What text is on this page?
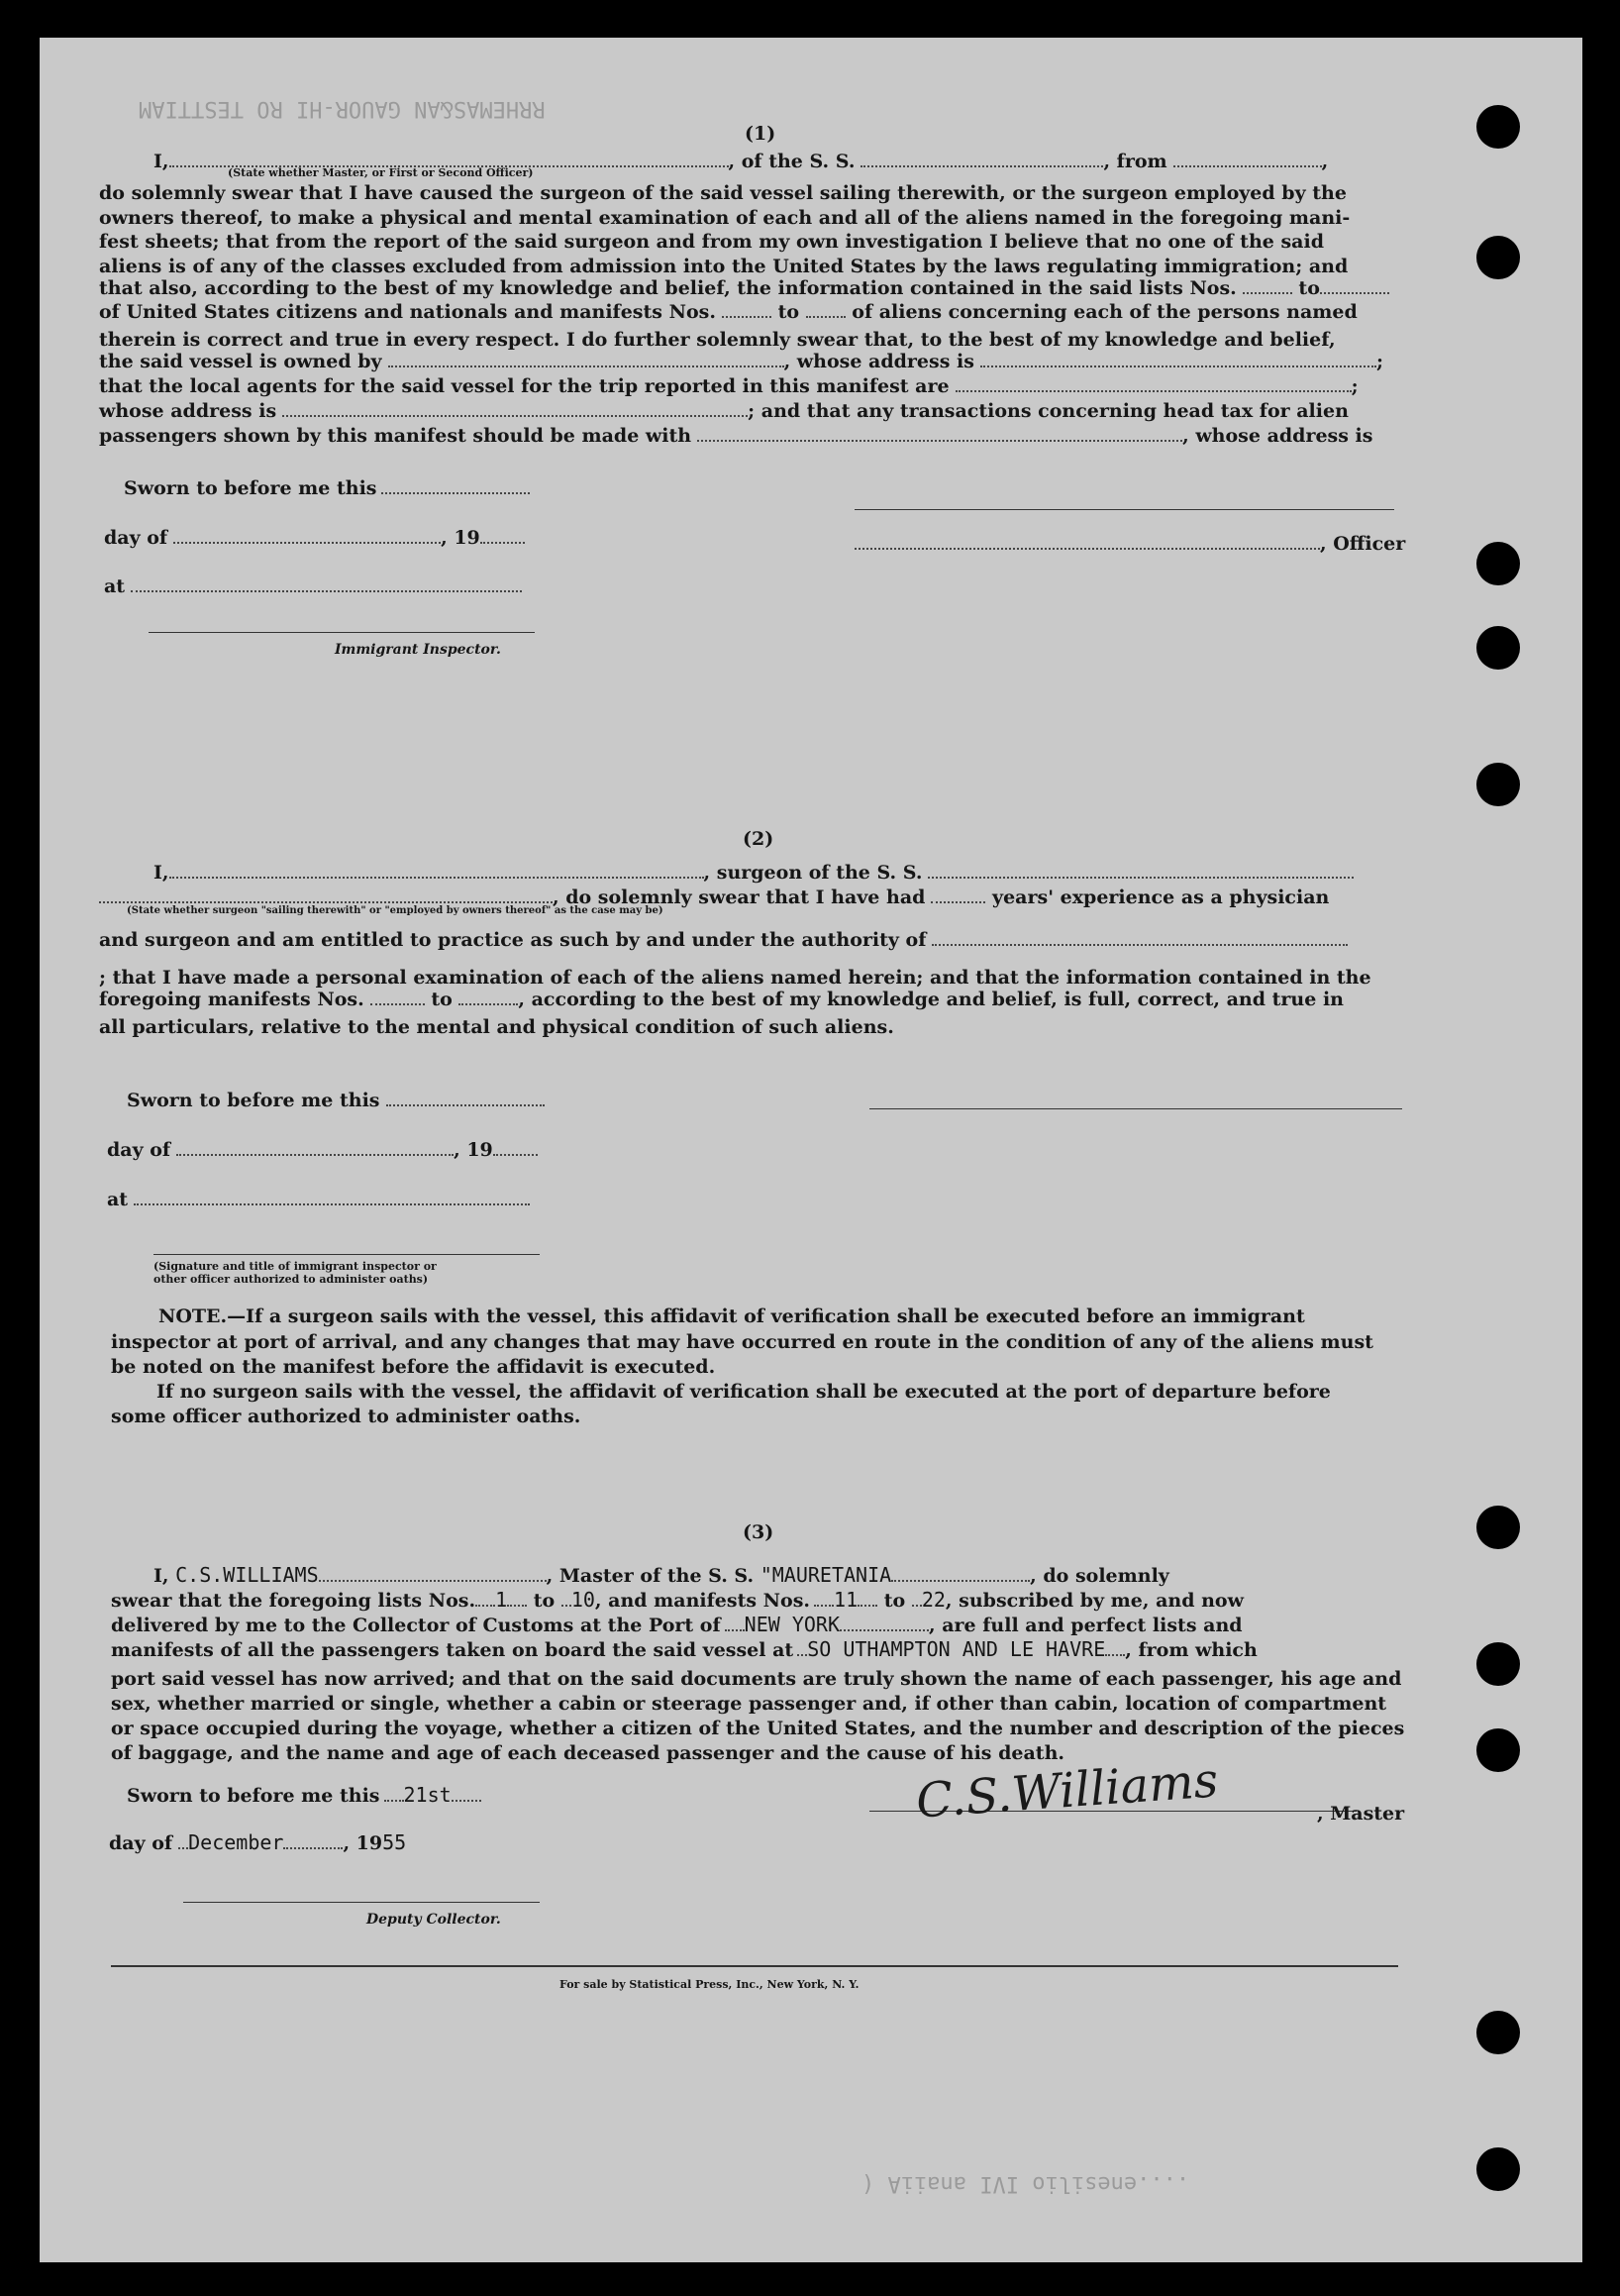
RRHEMAS&AN GAUOR-HI RO TESTTIAM
(1)
I,	, of the S. S.	, from	,
(State whether Master, or First or Second Officer)
do solemnly swear that I have caused the surgeon of the said vessel sailing therewith, or the surgeon employed by the
owners thereof, to make a physical and mental examination of each and all of the aliens named in the foregoing mani-
fest sheets; that from the report of the said surgeon and from my own investigation I believe that no one of the said
aliens is of any of the classes excluded from admission into the United States by the laws regulating immigration; and
that also, according to the best of my knowledge and belief, the information contained in the said lists Nos.	to
of United States citizens and nationals and manifests Nos.	to	of aliens concerning each of the persons named
therein is correct and true in every respect. I do further solemnly swear that, to the best of my knowledge and belief,
the said vessel is owned by	, whose address is	;
that the local agents for the said vessel for the trip reported in this manifest are	;
whose address is	; and that any transactions concerning head tax for alien
passengers shown by this manifest should be made with	, whose address is
Sworn to before me this
day of	, 19
at
Immigrant Inspector.
, Officer
(2)
I,	, surgeon of the S. S.
, do solemnly swear that I have had	years' experience as a physician
(State whether surgeon "sailing therewith" or "employed by owners thereof" as the case may be)
and surgeon and am entitled to practice as such by and under the authority of
; that I have made a personal examination of each of the aliens named herein; and that the information contained in the
foregoing manifests Nos.	to	, according to the best of my knowledge and belief, is full, correct, and true in
all particulars, relative to the mental and physical condition of such aliens.
Sworn to before me this
day of	, 19
at
(Signature and title of immigrant inspector or
other officer authorized to administer oaths)
NOTE.—If a surgeon sails with the vessel, this affidavit of verification shall be executed before an immigrant
inspector at port of arrival, and any changes that may have occurred en route in the condition of any of the aliens must
be noted on the manifest before the affidavit is executed.
If no surgeon sails with the vessel, the affidavit of verification shall be executed at the port of departure before
some officer authorized to administer oaths.
(3)
I, C.S.WILLIAMS	, Master of the S. S. "MAURETANIA	, do solemnly
swear that the foregoing lists Nos. 1 to 10, and manifests Nos. 11 to 22, subscribed by me, and now
delivered by me to the Collector of Customs at the Port of NEW YORK	, are full and perfect lists and
manifests of all the passengers taken on board the said vessel at SO UTHAMPTON AND LE HAVRE , from which
port said vessel has now arrived; and that on the said documents are truly shown the name of each passenger, his age and
sex, whether married or single, whether a cabin or steerage passenger and, if other than cabin, location of compartment
or space occupied during the voyage, whether a citizen of the United States, and the number and description of the pieces
of baggage, and the name and age of each deceased passenger and the cause of his death.
Sworn to before me this 21st
day of December	, 1955
Deputy Collector.
C.S.Williams	, Master
For sale by Statistical Press, Inc., New York, N. Y.
....enesilio IVI anaiiA (
